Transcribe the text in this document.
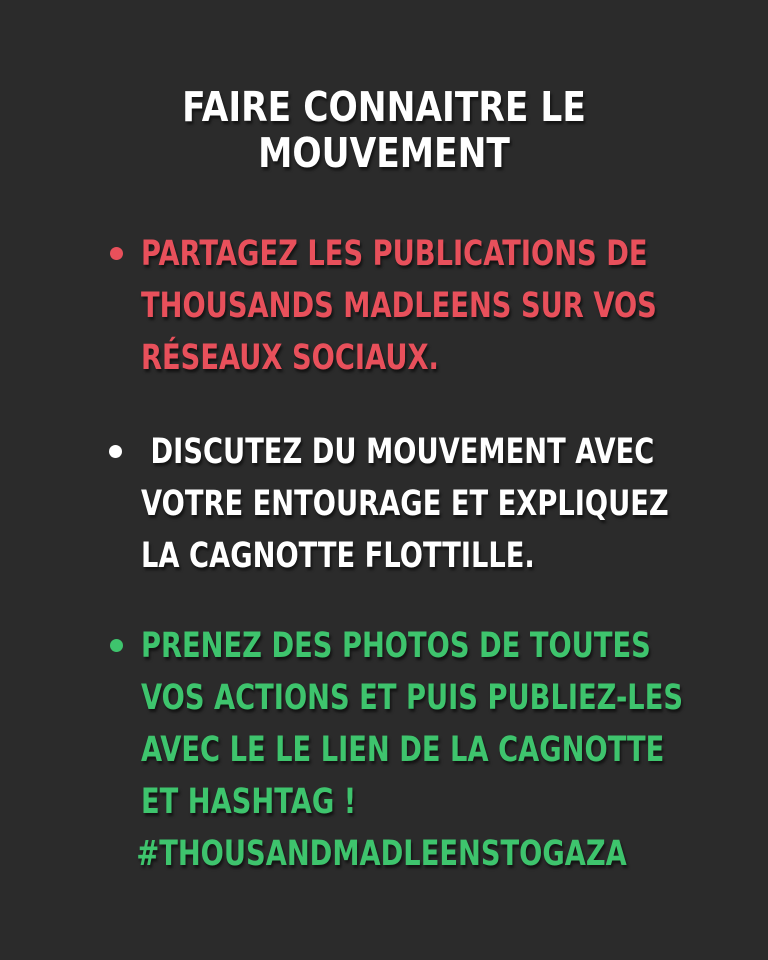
FAIRE CONNAITRE LE
MOUVEMENT
PARTAGEZ LES PUBLICATIONS DE
THOUSANDS MADLEENS SUR VOS
RÉSEAUX SOCIAUX.
DISCUTEZ DU MOUVEMENT AVEC
VOTRE ENTOURAGE ET EXPLIQUEZ
LA CAGNOTTE FLOTTILLE.
PRENEZ DES PHOTOS DE TOUTES
VOS ACTIONS ET PUIS PUBLIEZ-LES
AVEC LE LE LIEN DE LA CAGNOTTE
ET HASHTAG !
#THOUSANDMADLEENSTOGAZA
